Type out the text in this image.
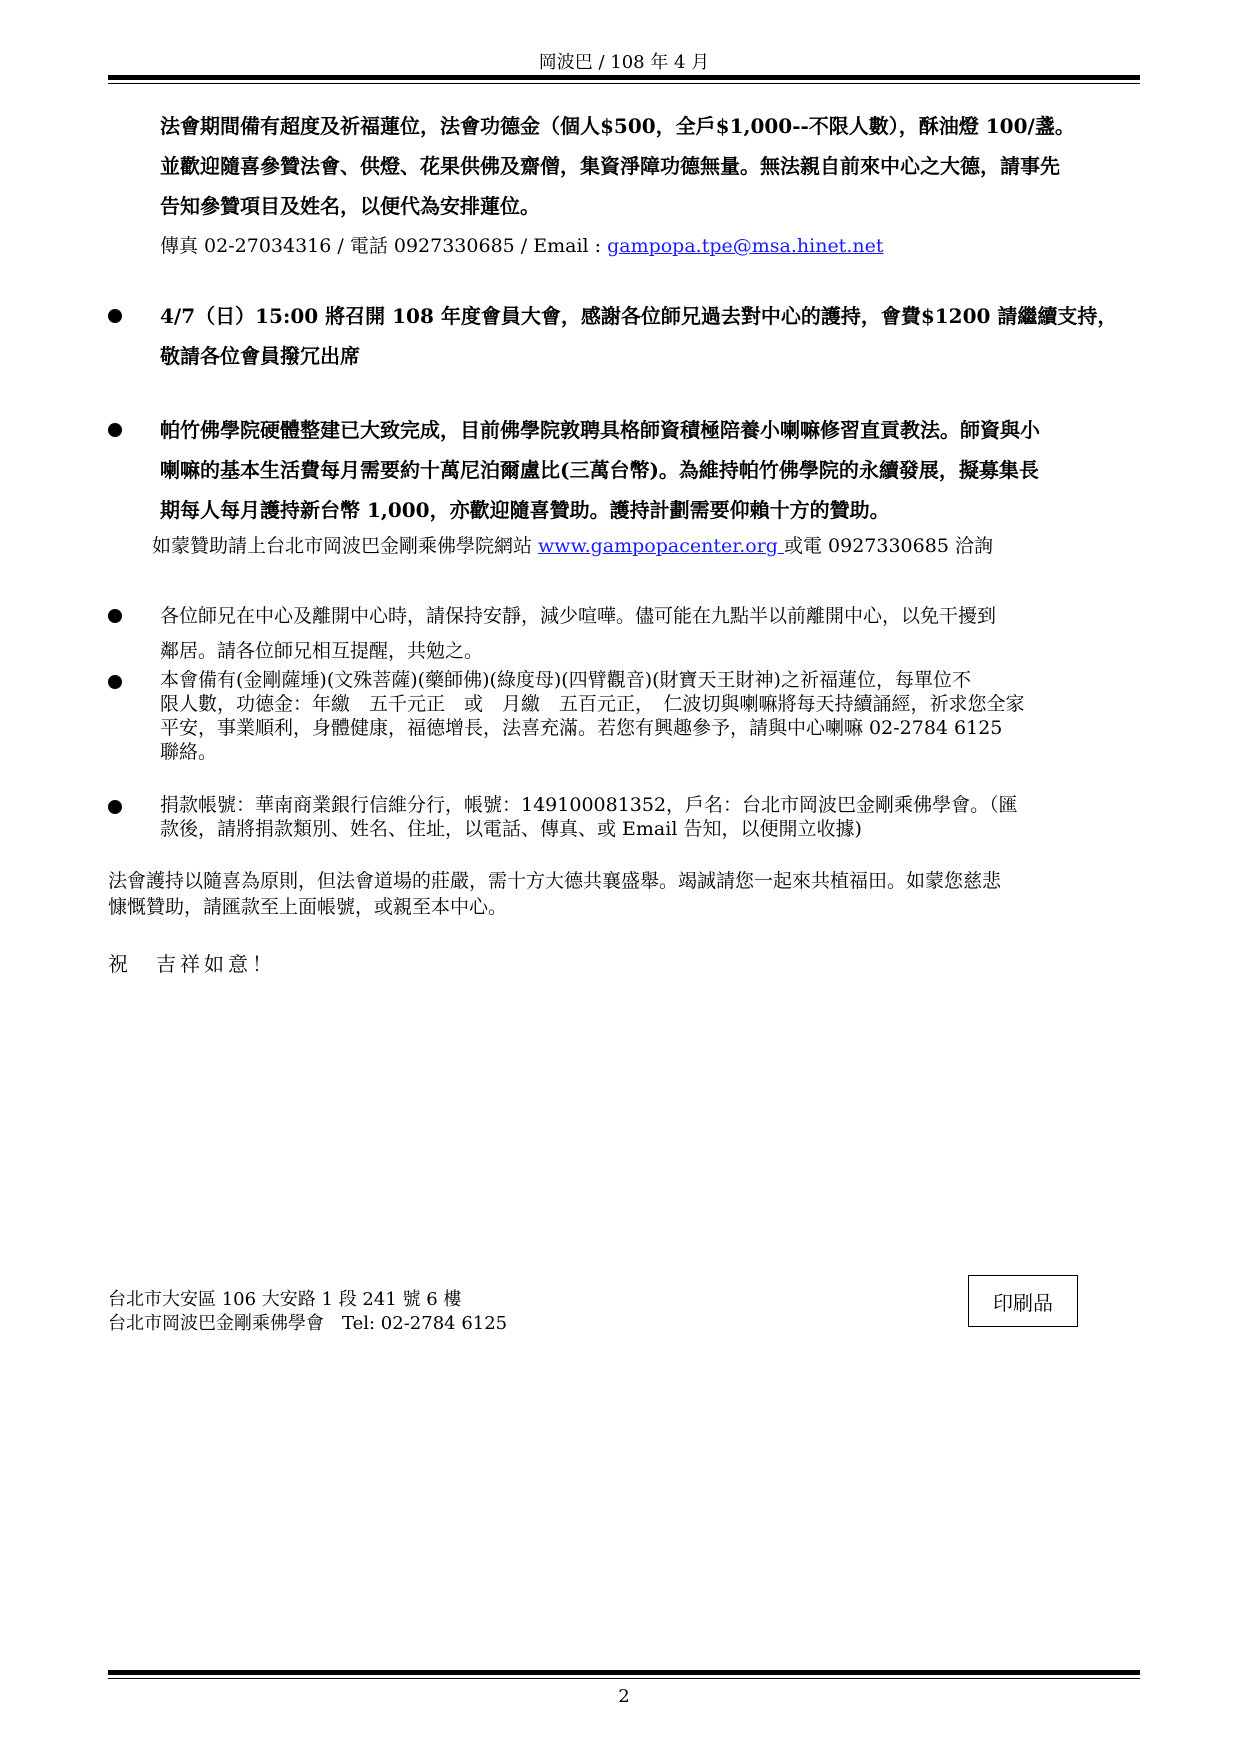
岡波巴 / 108 年 4 月
法會期間備有超度及祈福蓮位，法會功德金（個人$500，全戶$1,000--不限人數），酥油燈 100/盞。
並歡迎隨喜參贊法會、供燈、花果供佛及齋僧，集資淨障功德無量。無法親自前來中心之大德，請事先
告知參贊項目及姓名，以便代為安排蓮位。
傳真 02-27034316 / 電話 0927330685 / Email : gampopa.tpe@msa.hinet.net
4/7（日）15:00 將召開 108 年度會員大會，感謝各位師兄過去對中心的護持，會費$1200 請繼續支持，
敬請各位會員撥冗出席
帕竹佛學院硬體整建已大致完成，目前佛學院敦聘具格師資積極陪養小喇嘛修習直貢教法。師資與小
喇嘛的基本生活費每月需要約十萬尼泊爾盧比(三萬台幣)。為維持帕竹佛學院的永續發展，擬募集長
期每人每月護持新台幣 1,000，亦歡迎隨喜贊助。護持計劃需要仰賴十方的贊助。
如蒙贊助請上台北市岡波巴金剛乘佛學院網站 www.gampopacenter.org 或電 0927330685 洽詢
各位師兄在中心及離開中心時，請保持安靜，減少喧嘩。儘可能在九點半以前離開中心，以免干擾到
鄰居。請各位師兄相互提醒，共勉之。
本會備有(金剛薩埵)(文殊菩薩)(藥師佛)(綠度母)(四臂觀音)(財寶天王財神)之祈福蓮位，每單位不
限人數，功德金：年繳　五千元正　或　月繳　五百元正，　仁波切與喇嘛將每天持續誦經，祈求您全家
平安，事業順利，身體健康，福德增長，法喜充滿。若您有興趣參予，請與中心喇嘛 02-2784 6125
聯絡。
捐款帳號：華南商業銀行信維分行，帳號：149100081352，戶名：台北市岡波巴金剛乘佛學會。（匯
款後，請將捐款類別、姓名、住址，以電話、傳真、或 Email 告知，以便開立收據)
法會護持以隨喜為原則，但法會道場的莊嚴，需十方大德共襄盛舉。竭誠請您一起來共植福田。如蒙您慈悲
慷慨贊助，請匯款至上面帳號，或親至本中心。
祝　吉祥如意！
台北市大安區 106 大安路 1 段 241 號 6 樓
台北市岡波巴金剛乘佛學會　Tel: 02-2784 6125
印刷品
2
